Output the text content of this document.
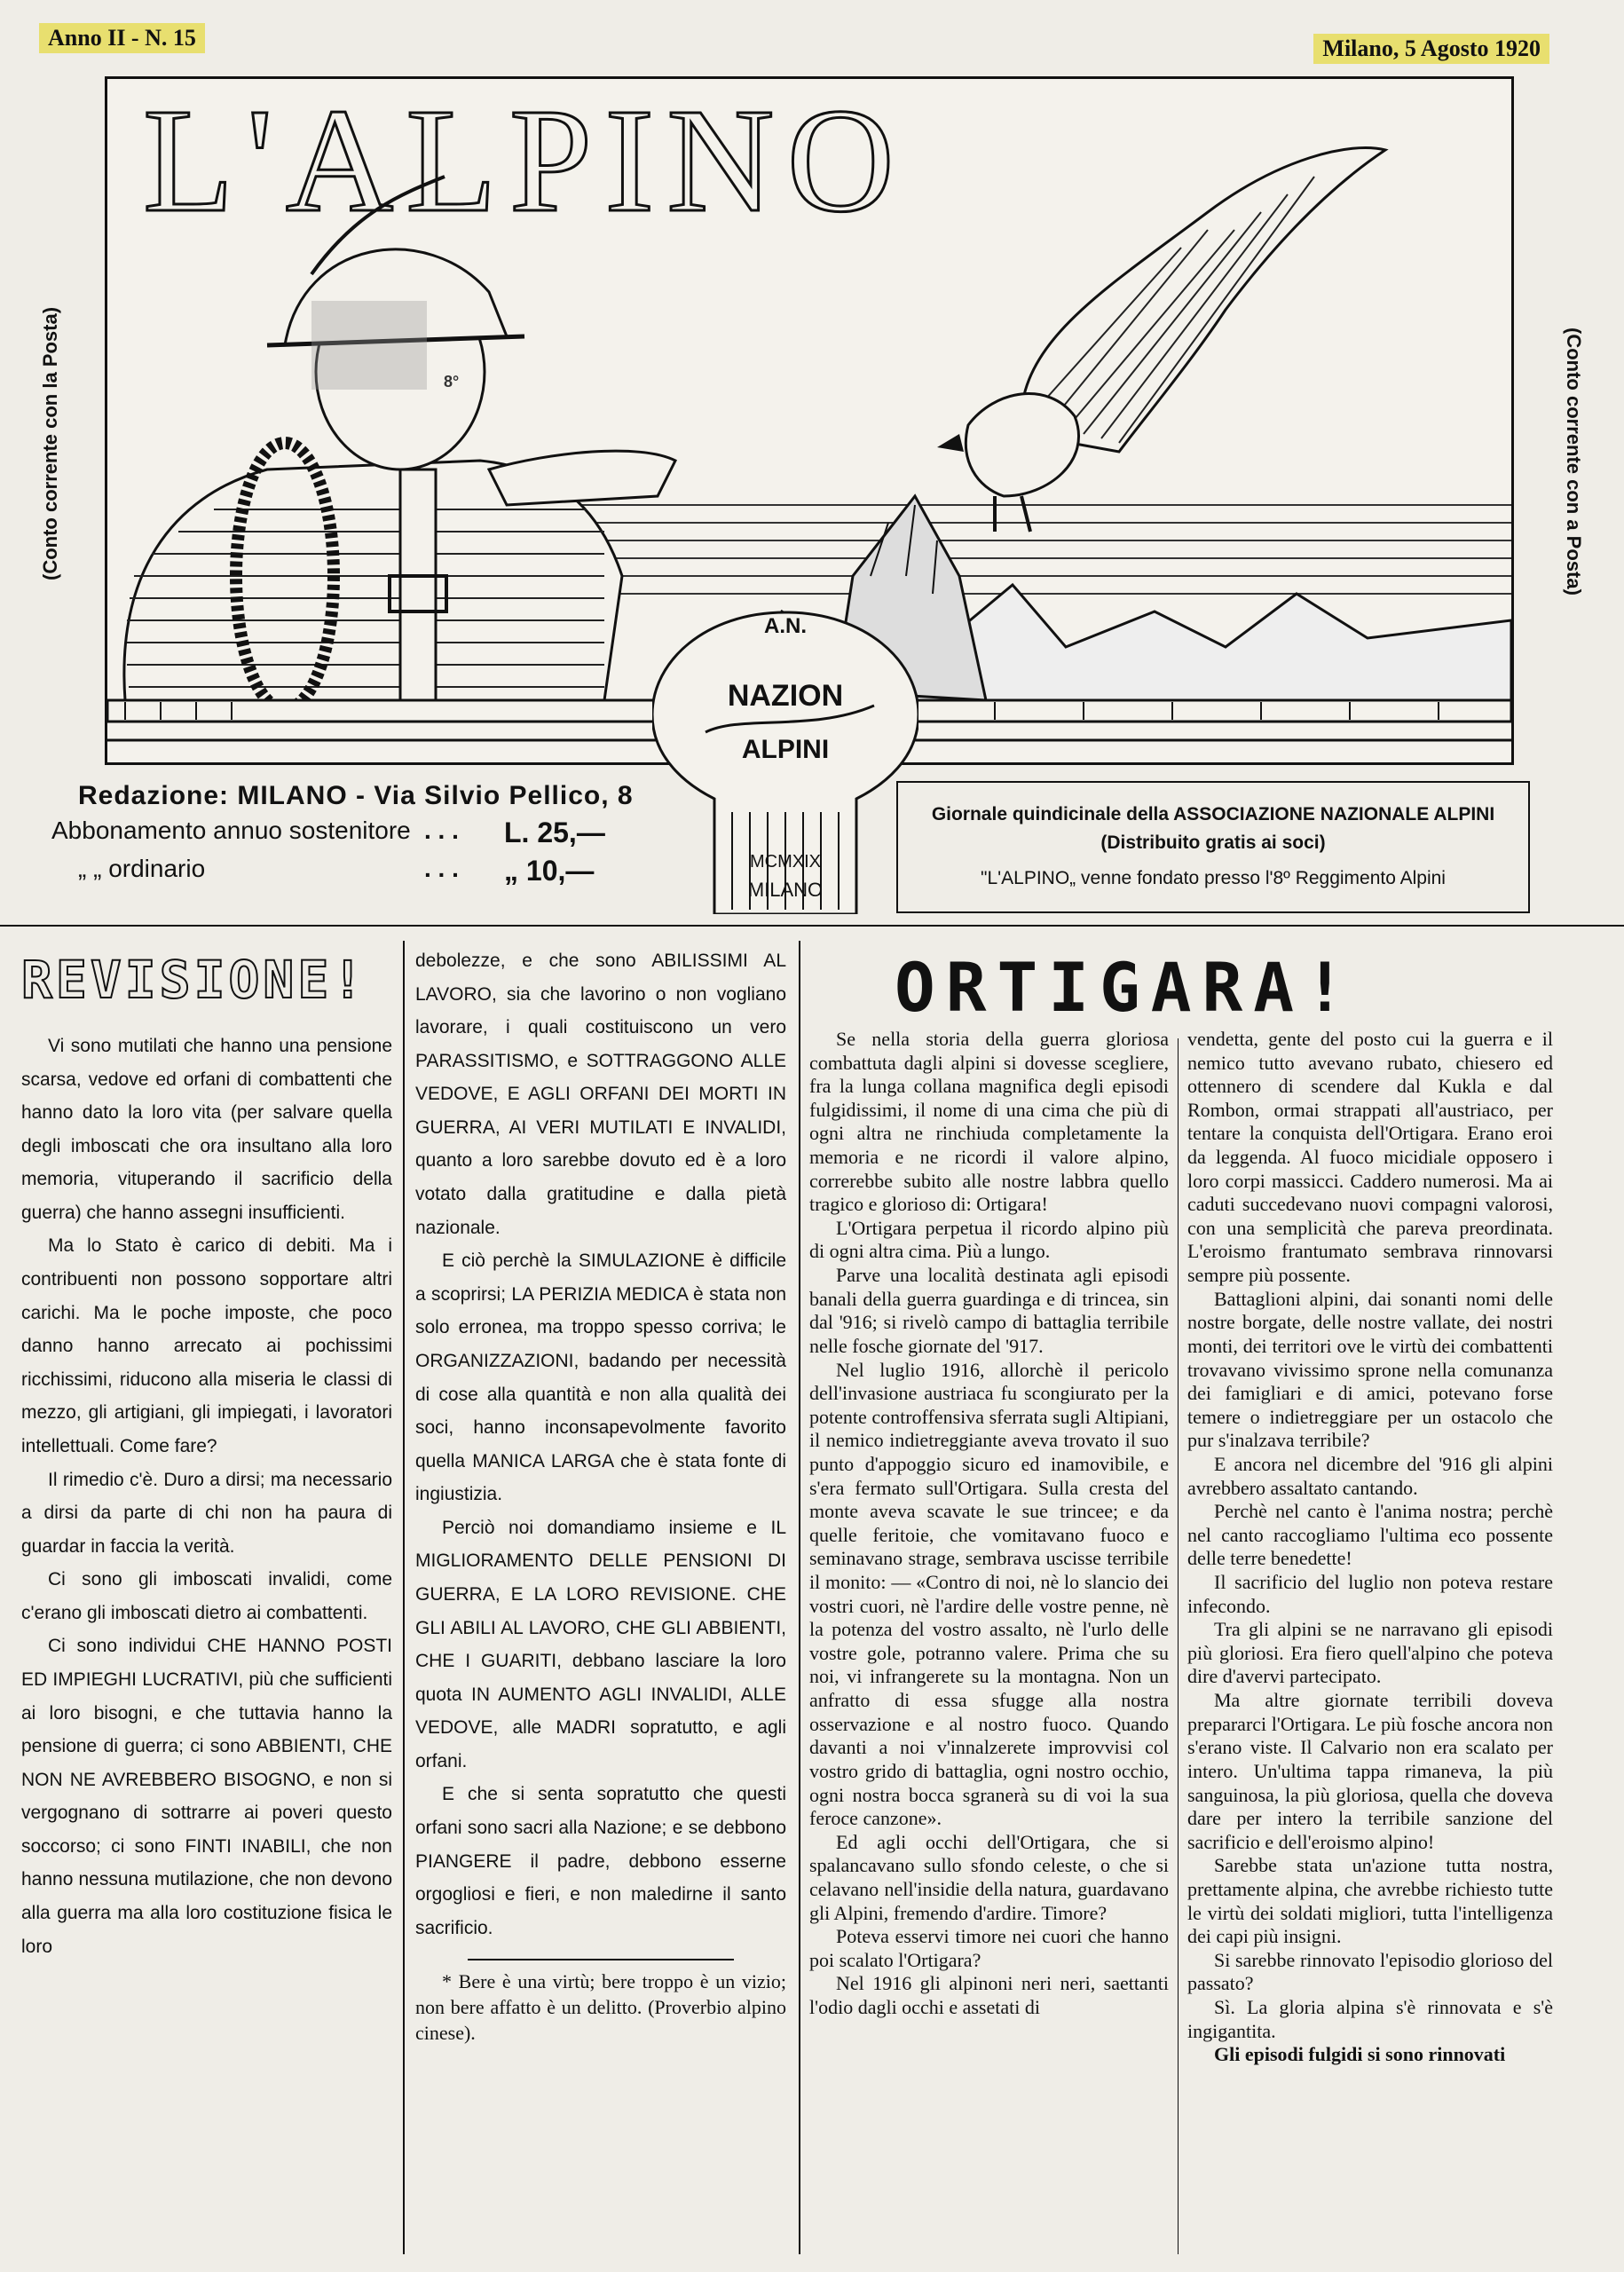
Anno II - N. 15	Milano, 5 Agosto 1920
L'ALPINO
(Conto corrente con la Posta)	(Conto corrente con a Posta)
A.N.
NAZION
ALPINI
MCMXIX
MILANO
Redazione: MILANO - Via Silvio Pellico, 8
Abbonamento annuo sostenitore . . .	L. 25,—
„ „ ordinario	. . .	„ 10,—
Giornale quindicinale della ASSOCIAZIONE NAZIONALE ALPINI
(Distribuito gratis ai soci)
"L'ALPINO„ venne fondato presso l'8º Reggimento Alpini
REVISIONE!

Vi sono mutilati che hanno una pensione scarsa, vedove ed orfani di combattenti che hanno dato la loro vita (per salvare quella degli imboscati che ora insultano alla loro memoria, vituperando il sacrificio della guerra) che hanno assegni insufficienti.

Ma lo Stato è carico di debiti. Ma i contribuenti non possono sopportare altri carichi. Ma le poche imposte, che poco danno hanno arrecato ai pochissimi ricchissimi, riducono alla miseria le classi di mezzo, gli artigiani, gli impiegati, i lavoratori intellettuali. Come fare?

Il rimedio c'è. Duro a dirsi; ma necessario a dirsi da parte di chi non ha paura di guardar in faccia la verità.

Ci sono gli imboscati invalidi, come c'erano gli imboscati dietro ai combattenti.

Ci sono individui CHE HANNO POSTI ED IMPIEGHI LUCRATIVI, più che sufficienti ai loro bisogni, e che tuttavia hanno la pensione di guerra; ci sono ABBIENTI, CHE NON NE AVREBBERO BISOGNO, e non si vergognano di sottrarre ai poveri questo soccorso; ci sono FINTI INABILI, che non hanno nessuna mutilazione, che non devono alla guerra ma alla loro costituzione fisica le loro

debolezze, e che sono ABILISSIMI AL LAVORO, sia che lavorino o non vogliano lavorare, i quali costituiscono un vero PARASSITISMO, e SOTTRAGGONO ALLE VEDOVE, E AGLI ORFANI DEI MORTI IN GUERRA, AI VERI MUTILATI E INVALIDI, quanto a loro sarebbe dovuto ed è a loro votato dalla gratitudine e dalla pietà nazionale.

E ciò perchè la SIMULAZIONE è difficile a scoprirsi; LA PERIZIA MEDICA è stata non solo erronea, ma troppo spesso corriva; le ORGANIZZAZIONI, badando per necessità di cose alla quantità e non alla qualità dei soci, hanno inconsapevolmente favorito quella MANICA LARGA che è stata fonte di ingiustizia.

Perciò noi domandiamo insieme e IL MIGLIORAMENTO DELLE PENSIONI DI GUERRA, E LA LORO REVISIONE. CHE GLI ABILI AL LAVORO, CHE GLI ABBIENTI, CHE I GUARITI, debbano lasciare la loro quota IN AUMENTO AGLI INVALIDI, ALLE VEDOVE, alle MADRI sopratutto, e agli orfani.

E che si senta sopratutto che questi orfani sono sacri alla Nazione; e se debbono PIANGERE il padre, debbono esserne orgogliosi e fieri, e non maledirne il santo sacrificio.

* Bere è una virtù; bere troppo è un vizio; non bere affatto è un delitto. (Proverbio alpino cinese).

ORTIGARA!

Se nella storia della guerra gloriosa combattuta dagli alpini si dovesse scegliere, fra la lunga collana magnifica degli episodi fulgidissimi, il nome di una cima che più di ogni altra ne rinchiuda completamente la memoria e ne ricordi il valore alpino, correrebbe subito alle nostre labbra quello tragico e glorioso di: Ortigara!

L'Ortigara perpetua il ricordo alpino più di ogni altra cima. Più a lungo.

Parve una località destinata agli episodi banali della guerra guardinga e di trincea, sin dal '916; si rivelò campo di battaglia terribile nelle fosche giornate del '917.

Nel luglio 1916, allorchè il pericolo dell'invasione austriaca fu scongiurato per la potente controffensiva sferrata sugli Altipiani, il nemico indietreggiante aveva trovato il suo punto d'appoggio sicuro ed inamovibile, e s'era fermato sull'Ortigara. Sulla cresta del monte aveva scavate le sue trincee; e da quelle feritoie, che vomitavano fuoco e seminavano strage, sembrava uscisse terribile il monito: — «Contro di noi, nè lo slancio dei vostri cuori, nè l'ardire delle vostre penne, nè la potenza del vostro assalto, nè l'urlo delle vostre gole, potranno valere. Prima che su noi, vi infrangerete su la montagna. Non un anfratto di essa sfugge alla nostra osservazione e al nostro fuoco. Quando davanti a noi v'innalzerete improvvisi col vostro grido di battaglia, ogni nostro occhio, ogni nostra bocca sgranerà su di voi la sua feroce canzone».

Ed agli occhi dell'Ortigara, che si spalancavano sullo sfondo celeste, o che si celavano nell'insidie della natura, guardavano gli Alpini, fremendo d'ardire. Timore?

Poteva esservi timore nei cuori che hanno poi scalato l'Ortigara?

Nel 1916 gli alpinoni neri neri, saettanti l'odio dagli occhi e assetati di

vendetta, gente del posto cui la guerra e il nemico tutto avevano rubato, chiesero ed ottennero di scendere dal Kukla e dal Rombon, ormai strappati all'austriaco, per tentare la conquista dell'Ortigara. Erano eroi da leggenda. Al fuoco micidiale opposero i loro corpi massicci. Caddero numerosi. Ma ai caduti succedevano nuovi compagni valorosi, con una semplicità che pareva preordinata. L'eroismo frantumato sembrava rinnovarsi sempre più possente.

Battaglioni alpini, dai sonanti nomi delle nostre borgate, delle nostre vallate, dei nostri monti, dei territori ove le virtù dei combattenti trovavano vivissimo sprone nella comunanza dei famigliari e di amici, potevano forse temere o indietreggiare per un ostacolo che pur s'inalzava terribile?

E ancora nel dicembre del '916 gli alpini avrebbero assaltato cantando.

Perchè nel canto è l'anima nostra; perchè nel canto raccogliamo l'ultima eco possente delle terre benedette!

Il sacrificio del luglio non poteva restare infecondo.

Tra gli alpini se ne narravano gli episodi più gloriosi. Era fiero quell'alpino che poteva dire d'avervi partecipato.

Ma altre giornate terribili doveva prepararci l'Ortigara. Le più fosche ancora non s'erano viste. Il Calvario non era scalato per intero. Un'ultima tappa rimaneva, la più sanguinosa, la più gloriosa, quella che doveva dare per intero la terribile sanzione del sacrificio e dell'eroismo alpino!

Sarebbe stata un'azione tutta nostra, prettamente alpina, che avrebbe richiesto tutte le virtù dei soldati migliori, tutta l'intelligenza dei capi più insigni.

Si sarebbe rinnovato l'episodio glorioso del passato?

Sì. La gloria alpina s'è rinnovata e s'è ingigantita.

Gli episodi fulgidi si sono rinnovati

8°
